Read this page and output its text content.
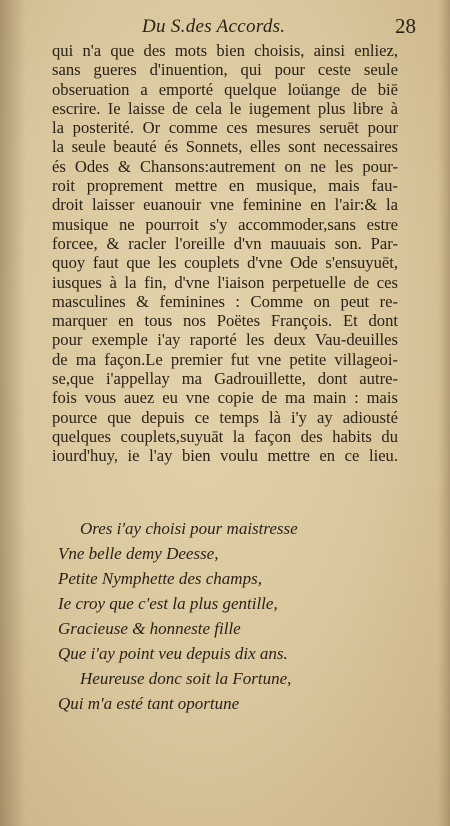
Du S.des Accords.	28
qui n'a que des mots bien choisis, ainsi enliez,
sans gueres d'inuention, qui pour ceste seule
obseruation a emporté quelque loüange de biē
escrire. Ie laisse de cela le iugement plus libre à
la posterité. Or comme ces mesures seruēt pour
la seule beauté és Sonnets, elles sont necessaires
és Odes & Chansons:autrement on ne les pour-
roit proprement mettre en musique, mais fau-
droit laisser euanouir vne feminine en l'air:& la
musique ne pourroit s'y accommoder,sans estre
forcee, & racler l'oreille d'vn mauuais son. Par-
quoy faut que les couplets d'vne Ode s'ensuyuēt,
iusques à la fin, d'vne l'iaison perpetuelle de ces
masculines & feminines : Comme on peut re-
marquer en tous nos Poëtes François. Et dont
pour exemple i'ay raporté les deux Vau-deuilles
de ma façon.Le premier fut vne petite villageoi-
se,que i'appellay ma Gadrouillette, dont autre-
fois vous auez eu vne copie de ma main : mais
pource que depuis ce temps là i'y ay adiousté
quelques couplets,suyuāt la façon des habits du
iourd'huy, ie l'ay bien voulu mettre en ce lieu.
Ores i'ay choisi pour maistresse
Vne belle demy Deesse,
Petite Nymphette des champs,
Ie croy que c'est la plus gentille,
Gracieuse & honneste fille
Que i'ay point veu depuis dix ans.
Heureuse donc soit la Fortune,
Qui m'a esté tant oportune
